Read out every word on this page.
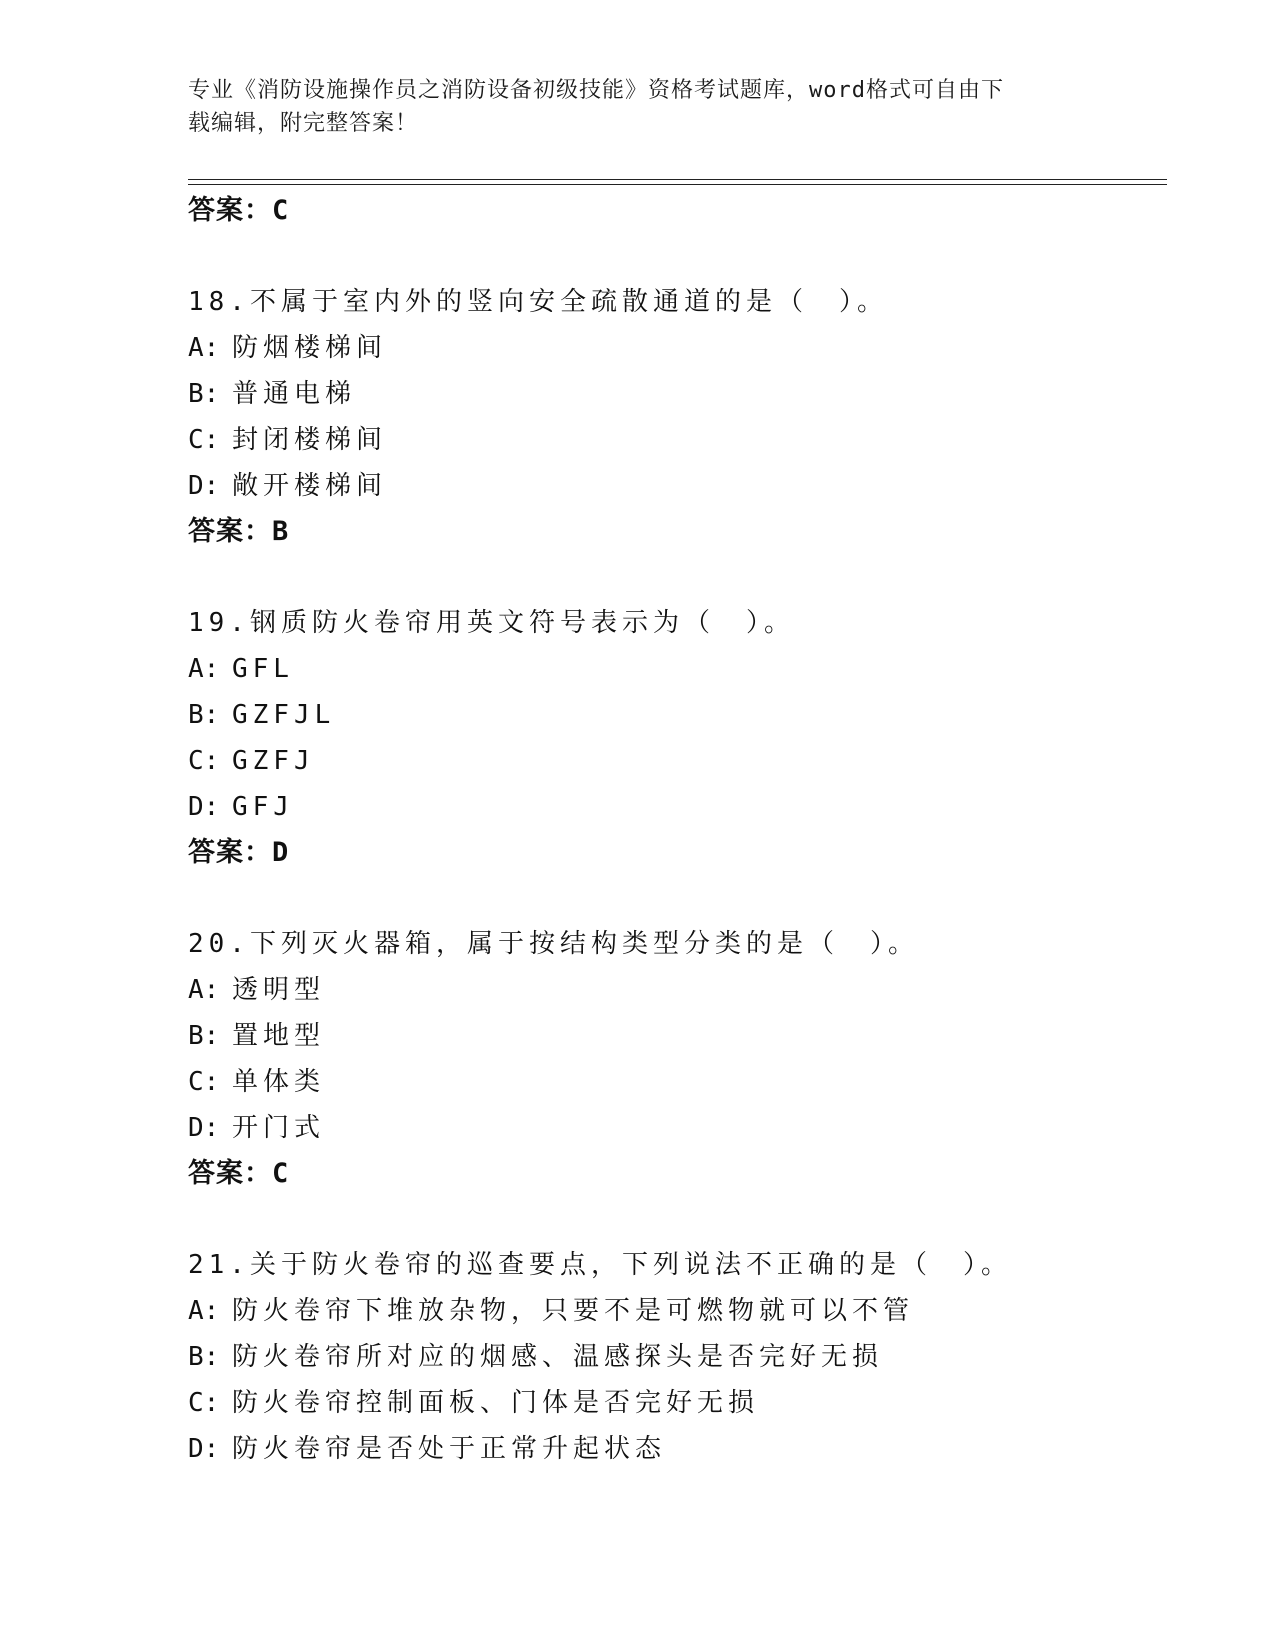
专业《消防设施操作员之消防设备初级技能》资格考试题库，word格式可自由下
载编辑，附完整答案！
答案：C
18.不属于室内外的竖向安全疏散通道的是（　）。
A: 防烟楼梯间
B: 普通电梯
C: 封闭楼梯间
D: 敞开楼梯间
答案：B
19.钢质防火卷帘用英文符号表示为（　）。
A: GFL
B: GZFJL
C: GZFJ
D: GFJ
答案：D
20.下列灭火器箱，属于按结构类型分类的是（　）。
A: 透明型
B: 置地型
C: 单体类
D: 开门式
答案：C
21.关于防火卷帘的巡查要点，下列说法不正确的是（　）。
A: 防火卷帘下堆放杂物，只要不是可燃物就可以不管
B: 防火卷帘所对应的烟感、温感探头是否完好无损
C: 防火卷帘控制面板、门体是否完好无损
D: 防火卷帘是否处于正常升起状态
